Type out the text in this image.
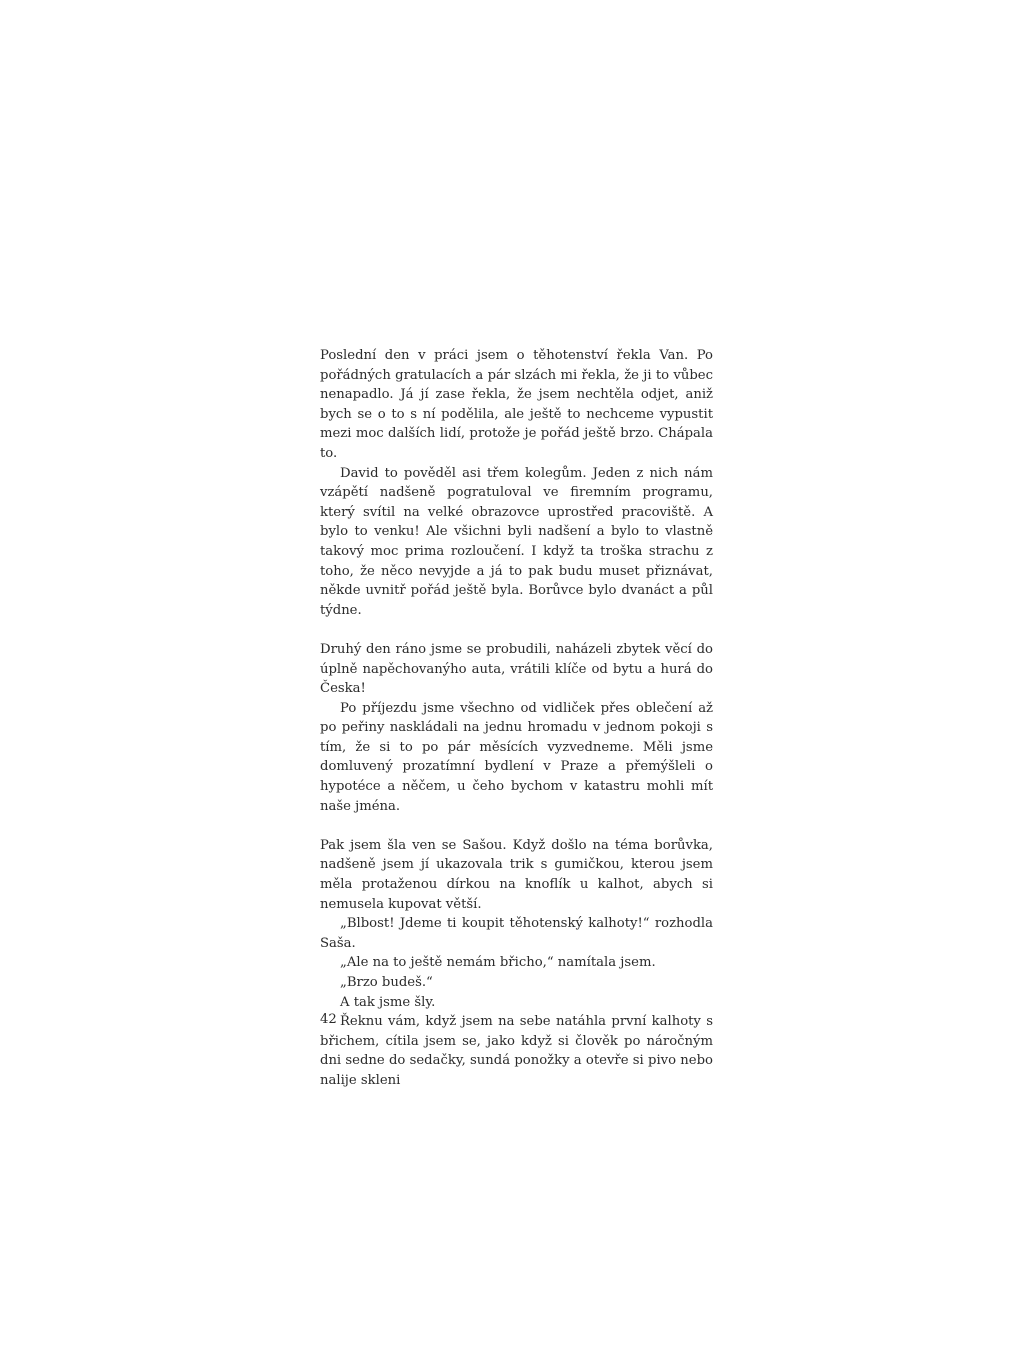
Poslední den v práci jsem o těhotenství řekla Van. Po pořádných gratulacích a pár slzách mi řekla, že ji to vůbec nenapadlo. Já jí zase řekla, že jsem nechtěla odjet, aniž bych se o to s ní podělila, ale ještě to nechceme vypustit mezi moc dalších lidí, protože je pořád ještě brzo. Chápala to.

David to pověděl asi třem kolegům. Jeden z nich nám vzápětí nadšeně pogratuloval ve firemním programu, který svítil na velké obrazovce uprostřed pracoviště. A bylo to venku! Ale všichni byli nadšení a bylo to vlastně takový moc prima rozloučení. I když ta troška strachu z toho, že něco nevyjde a já to pak budu muset přiznávat, někde uvnitř pořád ještě byla. Borůvce bylo dvanáct a půl týdne.

Druhý den ráno jsme se probudili, naházeli zbytek věcí do úplně napěchovanýho auta, vrátili klíče od bytu a hurá do Česka!

Po příjezdu jsme všechno od vidliček přes oblečení až po peřiny naskládali na jednu hromadu v jednom pokoji s tím, že si to po pár měsících vyzvedneme. Měli jsme domluvený prozatímní bydlení v Praze a přemýšleli o hypotéce a něčem, u čeho bychom v katastru mohli mít naše jména.

Pak jsem šla ven se Sašou. Když došlo na téma borůvka, nadšeně jsem jí ukazovala trik s gumičkou, kterou jsem měla protaženou dírkou na knoflík u kalhot, abych si nemusela kupovat větší.

„Blbost! Jdeme ti koupit těhotenský kalhoty!“ rozhodla Saša.

„Ale na to ještě nemám břicho,“ namítala jsem.

„Brzo budeš.“

A tak jsme šly.

Řeknu vám, když jsem na sebe natáhla první kalhoty s břichem, cítila jsem se, jako když si člověk po náročným dni sedne do sedačky, sundá ponožky a otevře si pivo nebo nalije skleni

42
